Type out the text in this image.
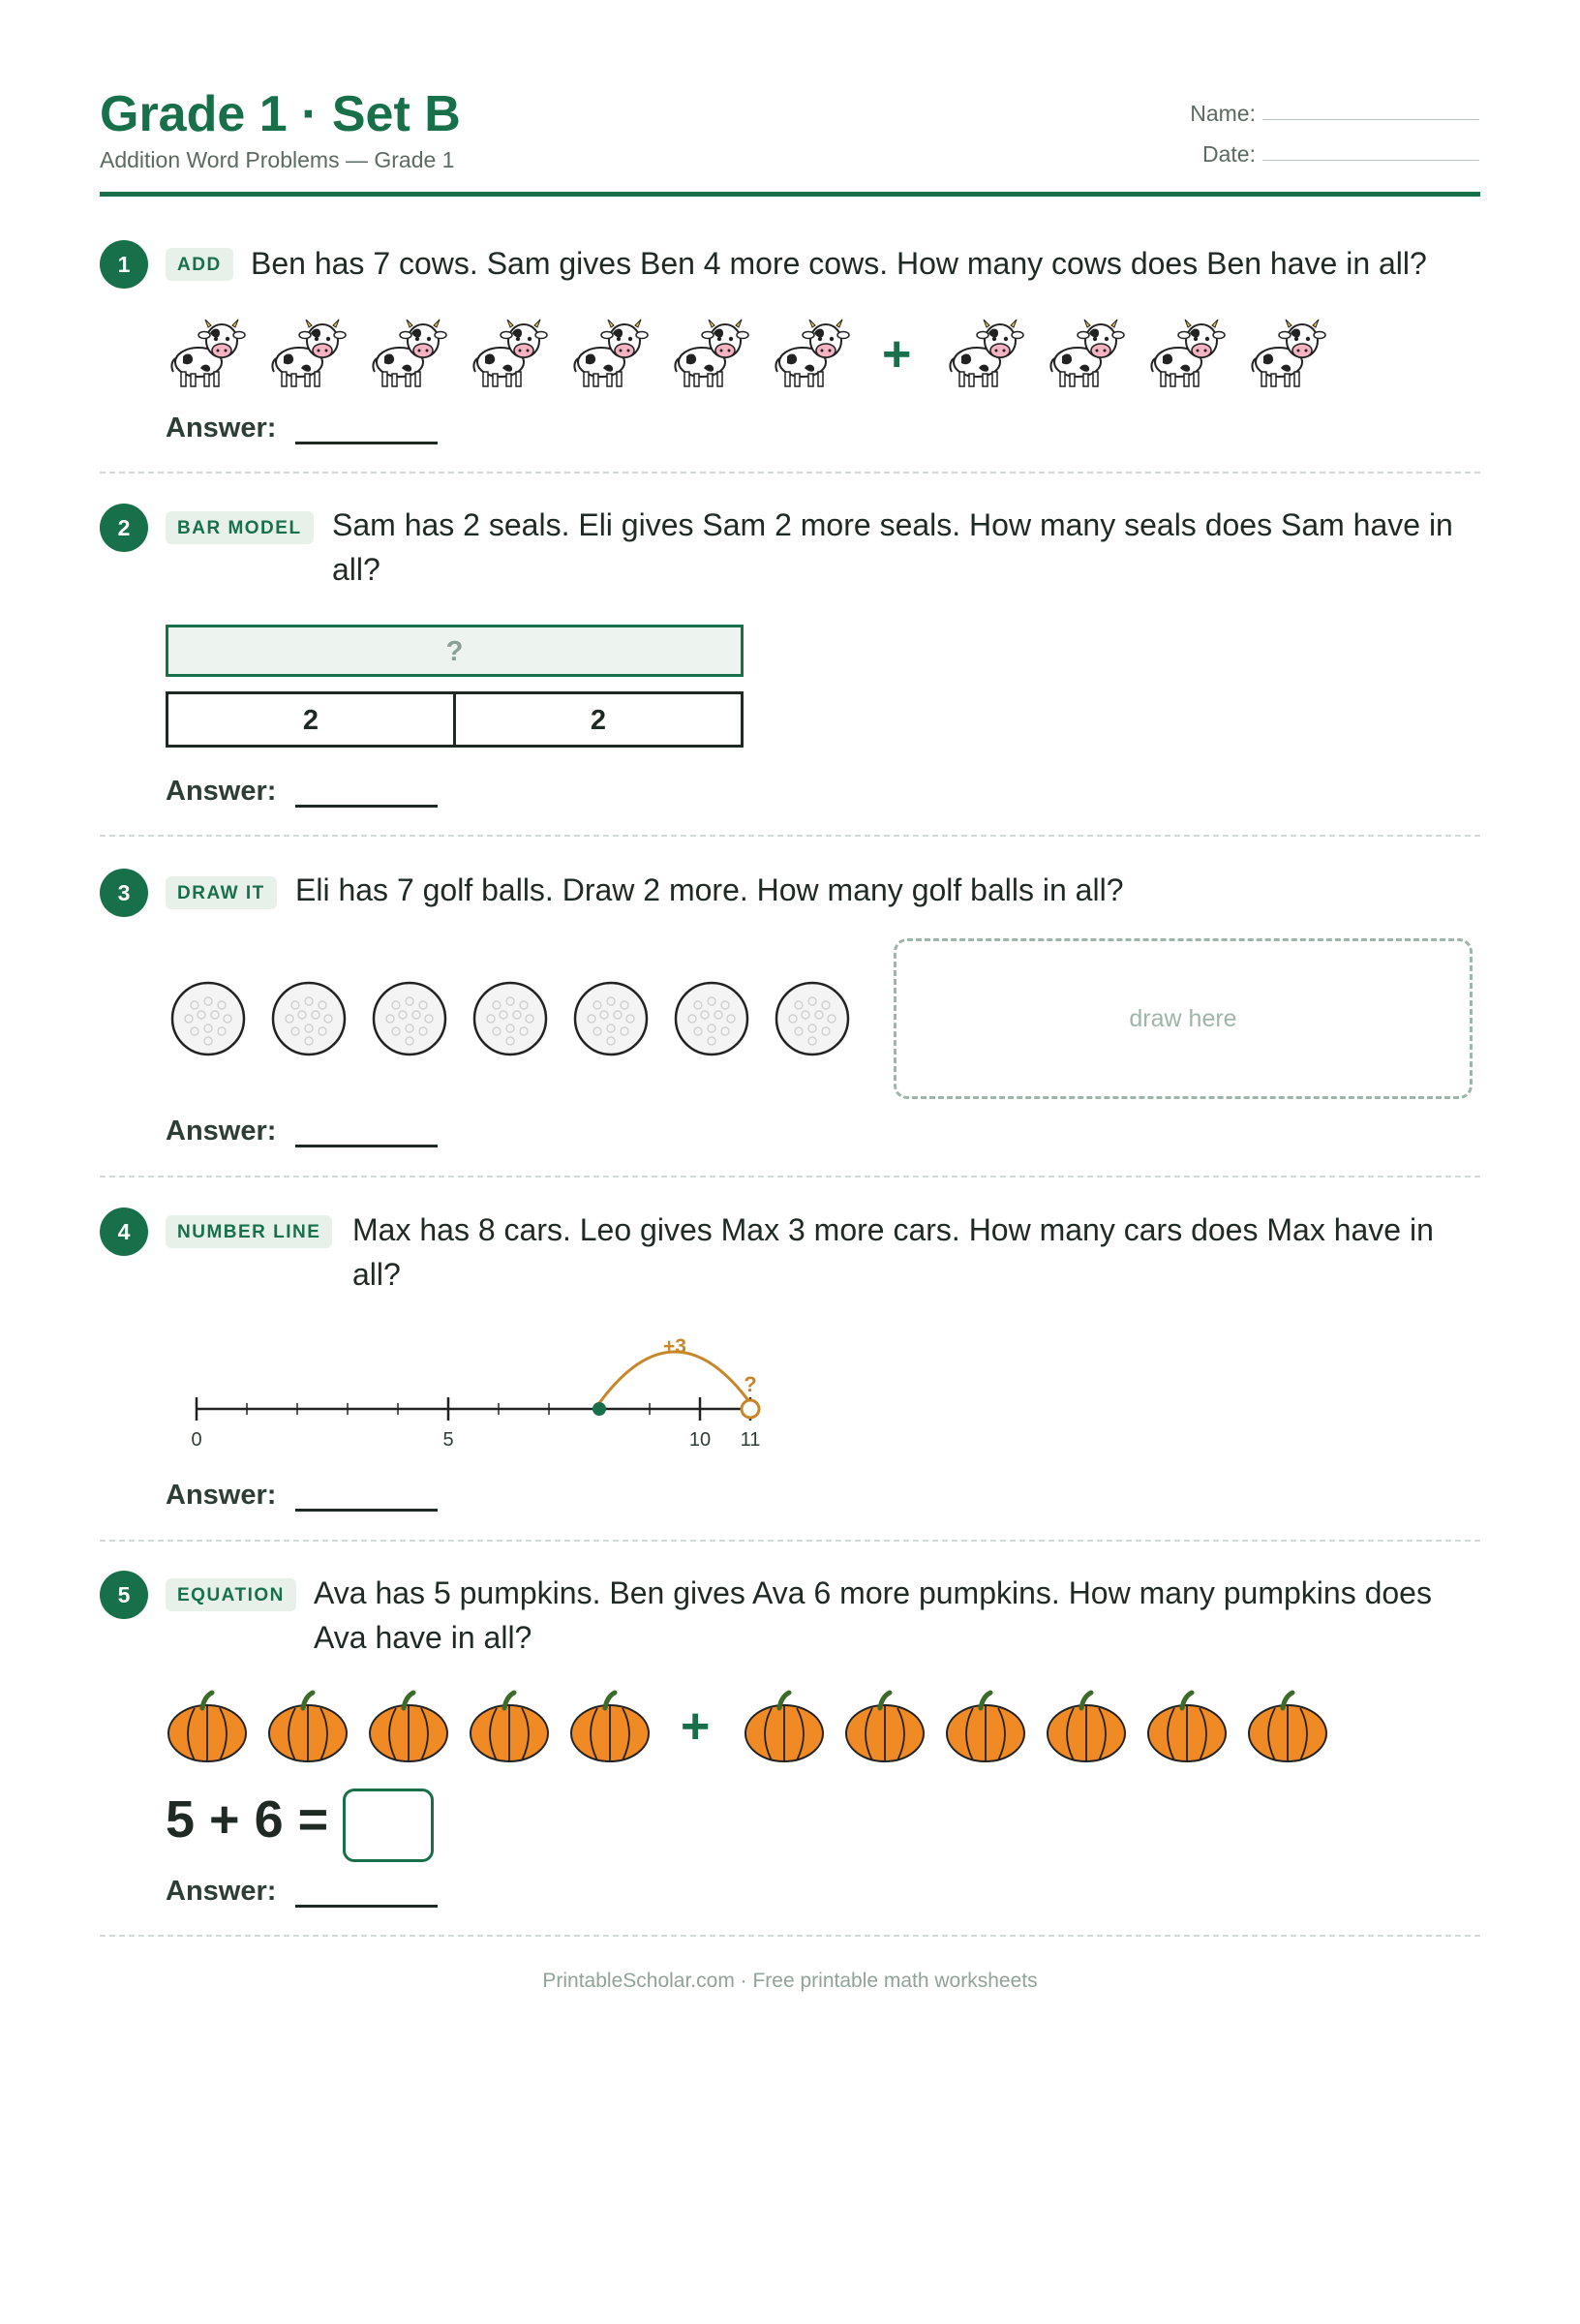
Grade 1 · Set B
Addition Word Problems — Grade 1
Name:
Date:
1	ADD Ben has 7 cows. Sam gives Ben 4 more cows. How many cows does Ben have in all?
+
Answer:
2	BAR MODEL Sam has 2 seals. Eli gives Sam 2 more seals. How many seals does Sam have in all?
?
2	2
Answer:
3	DRAW IT Eli has 7 golf balls. Draw 2 more. How many golf balls in all?
draw here
Answer:
4	NUMBER LINE	Max has 8 cars. Leo gives Max 3 more cars. How many cars does Max have in all?
0	5	10 11
+3
?
Answer:
5	EQUATION Ava has 5 pumpkins. Ben gives Ava 6 more pumpkins. How many pumpkins does Ava have in all?
+
5 + 6 =
Answer:
PrintableScholar.com · Free printable math worksheets
